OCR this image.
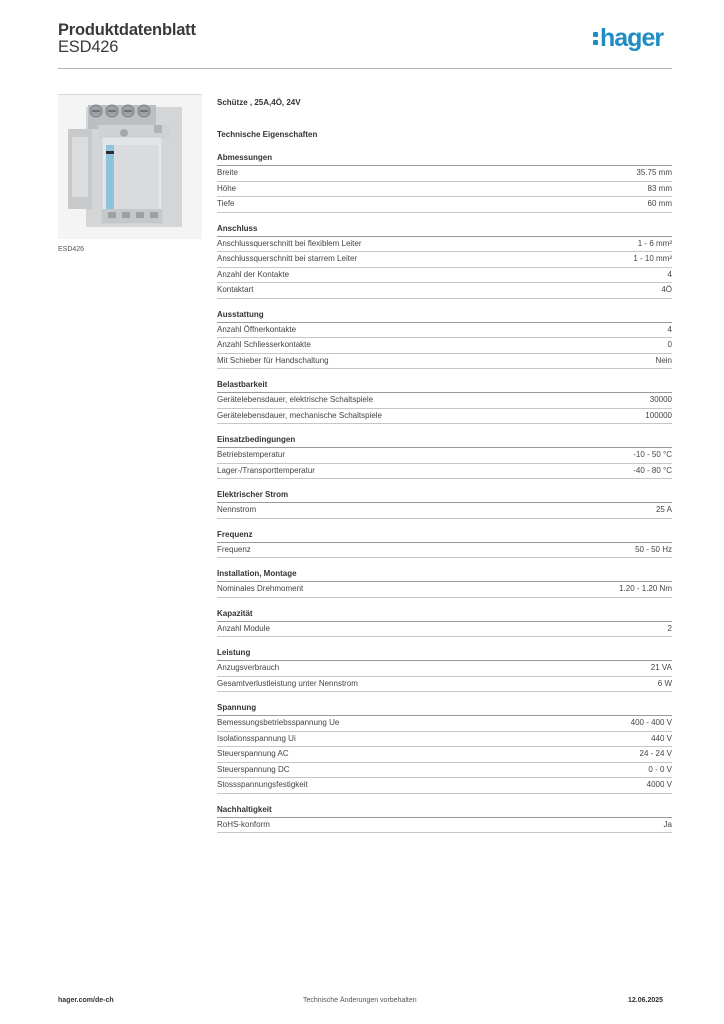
Produktdatenblatt
ESD426	hager
ESD426
Schütze , 25A,4Ö, 24V
Technische Eigenschaften
Abmessungen
Breite	35.75 mm
Höhe	83 mm
Tiefe	60 mm
Anschluss
Anschlussquerschnitt bei flexiblem Leiter	1 - 6 mm²
Anschlussquerschnitt bei starrem Leiter	1 - 10 mm²
Anzahl der Kontakte	4
Kontaktart	4Ö
Ausstattung
Anzahl Öffnerkontakte	4
Anzahl Schliesserkontakte	0
Mit Schieber für Handschaltung	Nein
Belastbarkeit
Gerätelebensdauer, elektrische Schaltspiele	30000
Gerätelebensdauer, mechanische Schaltspiele	100000
Einsatzbedingungen
Betriebstemperatur	-10 - 50 °C
Lager-/Transporttemperatur	-40 - 80 °C
Elektrischer Strom
Nennstrom	25 A
Frequenz
Frequenz	50 - 50 Hz
Installation, Montage
Nominales Drehmoment	1.20 - 1.20 Nm
Kapazität
Anzahl Module	2
Leistung
Anzugsverbrauch	21 VA
Gesamtverlustleistung unter Nennstrom	6 W
Spannung
Bemessungsbetriebsspannung Ue	400 - 400 V
Isolationsspannung Ui	440 V
Steuerspannung AC	24 - 24 V
Steuerspannung DC	0 - 0 V
Stossspannungsfestigkeit	4000 V
Nachhaltigkeit
RoHS-konform	Ja
hager.com/de-ch	Technische Änderungen vorbehalten	12.06.2025
